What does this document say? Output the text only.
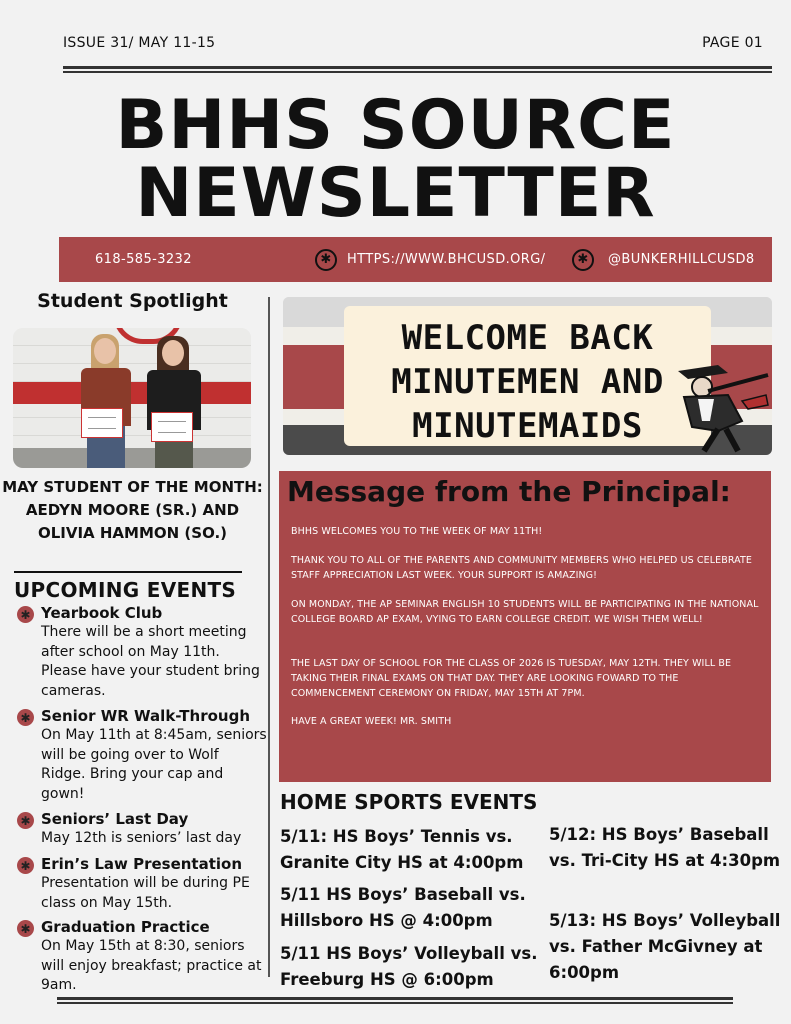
ISSUE 31/ MAY 11-15	PAGE 01
BHHS SOURCE
NEWSLETTER
618-585-3232	✱	HTTPS://WWW.BHCUSD.ORG/	✱	@BUNKERHILLCUSD8
Student Spotlight
MAY STUDENT OF THE MONTH: AEDYN MOORE (SR.) AND OLIVIA HAMMON (SO.)
UPCOMING EVENTS
✱ Yearbook Club
There will be a short meeting after school on May 11th. Please have your student bring cameras.
✱ Senior WR Walk-Through
On May 11th at 8:45am, seniors will be going over to Wolf Ridge. Bring your cap and gown!
✱ Seniors’ Last Day
May 12th is seniors’ last day
✱ Erin’s Law Presentation
Presentation will be during PE class on May 15th.
✱ Graduation Practice
On May 15th at 8:30, seniors will enjoy breakfast; practice at 9am.
WELCOME BACK
MINUTEMEN AND
MINUTEMAIDS
Message from the Principal:
BHHS WELCOMES YOU TO THE WEEK OF MAY 11TH!
THANK YOU TO ALL OF THE PARENTS AND COMMUNITY MEMBERS WHO HELPED US CELEBRATE STAFF APPRECIATION LAST WEEK. YOUR SUPPORT IS AMAZING!
ON MONDAY, THE AP SEMINAR ENGLISH 10 STUDENTS WILL BE PARTICIPATING IN THE NATIONAL COLLEGE BOARD AP EXAM, VYING TO EARN COLLEGE CREDIT. WE WISH THEM WELL!
THE LAST DAY OF SCHOOL FOR THE CLASS OF 2026 IS TUESDAY, MAY 12TH. THEY WILL BE TAKING THEIR FINAL EXAMS ON THAT DAY. THEY ARE LOOKING FOWARD TO THE COMMENCEMENT CEREMONY ON FRIDAY, MAY 15TH AT 7PM.
HAVE A GREAT WEEK! MR. SMITH
HOME SPORTS EVENTS
5/11: HS Boys’ Tennis vs. Granite City HS at 4:00pm
5/11 HS Boys’ Baseball vs. Hillsboro HS @ 4:00pm
5/11 HS Boys’ Volleyball vs. Freeburg HS @ 6:00pm
5/12: HS Boys’ Baseball vs. Tri-City HS at 4:30pm
5/13: HS Boys’ Volleyball vs. Father McGivney at 6:00pm
